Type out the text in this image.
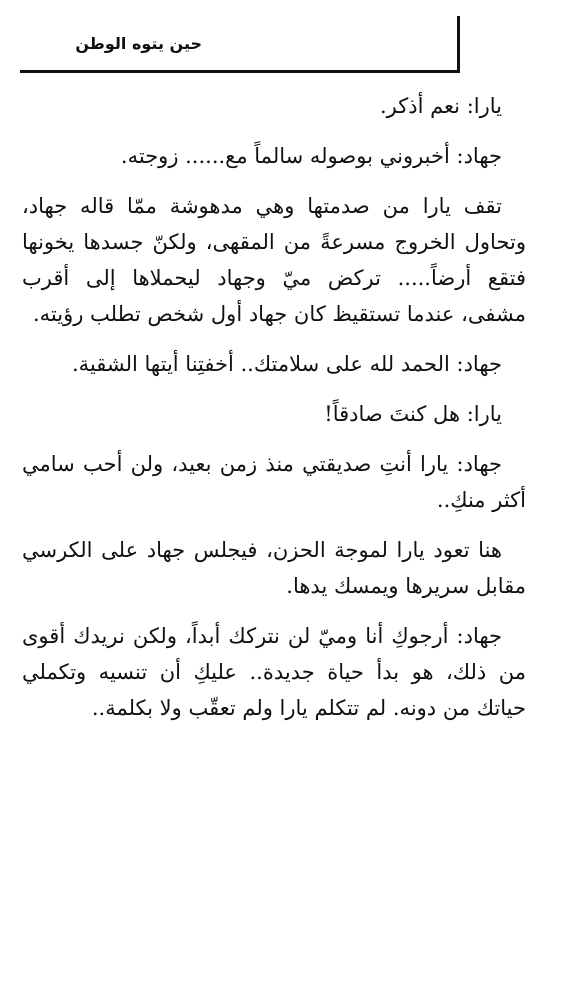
حين يتوه الوطن

يارا: نعم أذكر.

جهاد: أخبروني بوصوله سالماً مع...... زوجته.

تقف يارا من صدمتها وهي مدهوشة ممّا قاله جهاد، وتحاول الخروج مسرعةً من المقهى، ولكنّ جسدها يخونها فتقع أرضاً..... تركض ميّ وجهاد ليحملاها إلى أقرب مشفى، عندما تستقيظ كان جهاد أول شخص تطلب رؤيته.

جهاد: الحمد لله على سلامتك.. أخفتِنا أيتها الشقية.

يارا: هل كنتَ صادقاً!

جهاد: يارا أنتِ صديقتي منذ زمن بعيد، ولن أحب سامي أكثر منكِ..

هنا تعود يارا لموجة الحزن، فيجلس جهاد على الكرسي مقابل سريرها ويمسك يدها.

جهاد: أرجوكِ أنا وميّ لن نتركك أبداً، ولكن نريدك أقوى من ذلك، هو بدأ حياة جديدة.. عليكِ أن تنسيه وتكملي حياتك من دونه. لم تتكلم يارا ولم تعقّب ولا بكلمة..
